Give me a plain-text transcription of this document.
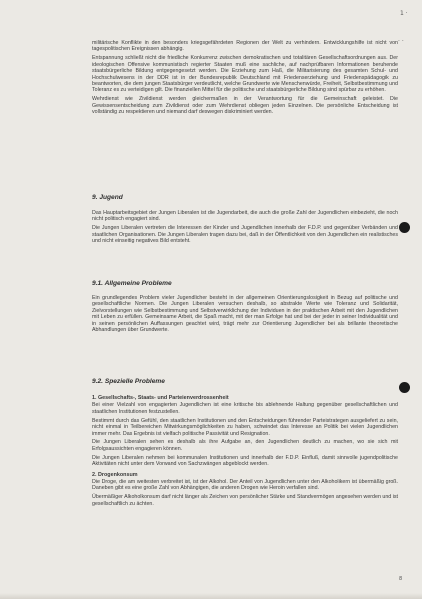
1 ·
· ·
8

militärische Konflikte in den besonders kriegsgefährdeten Regionen der Welt zu verhindern. Entwicklungshilfe ist nicht von tagespolitischen Ereignissen abhängig.

Entspannung schließt nicht die friedliche Konkurrenz zwischen demokratischen und totalitären Gesellschaftsordnungen aus. Der ideologischen Offensive kommunistisch regierter Staaten muß eine sachliche, auf nachprüfbaren Informationen beruhende staatsbürgerliche Bildung entgegengesetzt werden. Die Erziehung zum Haß, die Militarisierung des gesamten Schul- und Hochschulwesens in der DDR ist in der Bundesrepublik Deutschland mit Friedenserziehung und Friedenspädagogik zu beantworten, die dem jungen Staatsbürger verdeutlicht, welche Grundwerte wie Menschenwürde, Freiheit, Selbstbestimmung und Toleranz es zu verteidigen gilt. Die finanziellen Mittel für die politische und staatsbürgerliche Bildung sind spürbar zu erhöhen.

Wehrdienst wie Zivildienst werden gleichermaßen in der Verantwortung für die Gemeinschaft geleistet. Die Gewissensentscheidung zum Zivildienst oder zum Wehrdienst obliegen jeden Einzelnen. Die persönliche Entscheidung ist vollständig zu respektieren und niemand darf deswegen diskriminiert werden.

9. Jugend

Das Hauptarbeitsgebiet der Jungen Liberalen ist die Jugendarbeit, die auch die große Zahl der Jugendlichen einbezieht, die noch nicht politisch engagiert sind.

Die Jungen Liberalen vertreten die Interessen der Kinder und Jugendlichen innerhalb der F.D.P. und gegenüber Verbänden und staatlichen Organisationen. Die Jungen Liberalen tragen dazu bei, daß in der Öffentlichkeit von den Jugendlichen ein realistisches und nicht einseitig negatives Bild entsteht.

9.1. Allgemeine Probleme

Ein grundlegendes Problem vieler Jugendlicher besteht in der allgemeinen Orientierungslosigkeit in Bezug auf politische und gesellschaftliche Normen. Die Jungen Liberalen versuchen deshalb, so abstrakte Werte wie Toleranz und Solidarität, Zielvorstellungen wie Selbstbestimmung und Selbstverwirklichung der Individuen in der praktischen Arbeit mit den Jugendlichen mit Leben zu erfüllen. Gemeinsame Arbeit, die Spaß macht, mit der man Erfolge hat und bei der jeder in seiner Individualität und in seinen persönlichen Auffassungen geachtet wird, trägt mehr zur Orientierung Jugendlicher bei als brillante theoretische Abhandlungen über Grundwerte.

9.2. Spezielle Probleme
1. Gesellschafts-, Staats- und Parteienverdrossenheit

Bei einer Vielzahl von engagierten Jugendlichen ist eine kritische bis ablehnende Haltung gegenüber gesellschaftlichen und staatlichen Institutionen festzustellen.

Bestimmt durch das Gefühl, den staatlichen Institutionen und den Entscheidungen führender Parteistrategen ausgeliefert zu sein, nicht einmal in Teilbereichen Mitwirkungsmöglichkeiten zu haben, schwindet das Interesse an Politik bei vielen Jugendlichen immer mehr. Das Ergebnis ist vielfach politische Passivität und Resignation.

Die Jungen Liberalen sehen es deshalb als ihre Aufgabe an, den Jugendlichen deutlich zu machen, wo sie sich mit Erfolgsaussichten engagieren können.

Die Jungen Liberalen nehmen bei kommunalen Institutionen und innerhalb der F.D.P. Einfluß, damit sinnvolle jugendpolitische Aktivitäten nicht unter dem Vorwand von Sachzwängen abgeblockt werden.

2. Drogenkonsum

Die Droge, die am weitesten verbreitet ist, ist der Alkohol. Der Anteil von Jugendlichen unter den Alkoholikern ist übermäßig groß. Daneben gibt es eine große Zahl von Abhängigen, die anderen Drogen wie Heroin verfallen sind.

Übermäßiger Alkoholkonsum darf nicht länger als Zeichen von persönlicher Stärke und Standvermögen angesehen werden und ist gesellschaftlich zu ächten.
